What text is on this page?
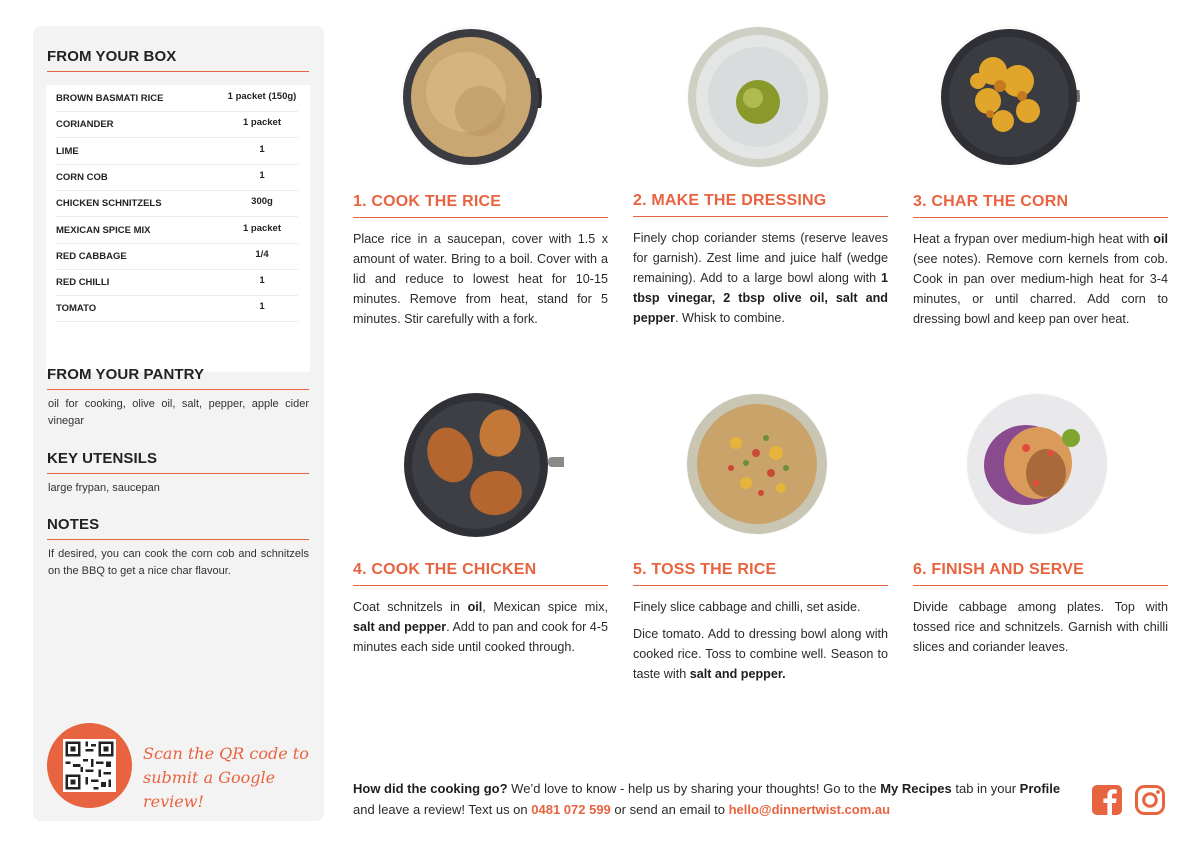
FROM YOUR BOX
BROWN BASMATI RICE	1 packet (150g)
CORIANDER	1 packet
LIME	1
CORN COB	1
CHICKEN SCHNITZELS	300g
MEXICAN SPICE MIX	1 packet
RED CABBAGE	1/4
RED CHILLI	1
TOMATO	1
FROM YOUR PANTRY
oil for cooking, olive oil, salt, pepper, apple cider vinegar
KEY UTENSILS
large frypan, saucepan
NOTES
If desired, you can cook the corn cob and schnitzels on the BBQ to get a nice char flavour.
Scan the QR code to submit a Google review!
1. COOK THE RICE

Place rice in a saucepan, cover with 1.5 x amount of water. Bring to a boil. Cover with a lid and reduce to lowest heat for 10-15 minutes. Remove from heat, stand for 5 minutes. Stir carefully with a fork.

2. MAKE THE DRESSING

Finely chop coriander stems (reserve leaves for garnish). Zest lime and juice half (wedge remaining). Add to a large bowl along with 1 tbsp vinegar, 2 tbsp olive oil, salt and pepper. Whisk to combine.

3. CHAR THE CORN

Heat a frypan over medium-high heat with oil (see notes). Remove corn kernels from cob. Cook in pan over medium-high heat for 3-4 minutes, or until charred. Add corn to dressing bowl and keep pan over heat.

4. COOK THE CHICKEN

Coat schnitzels in oil, Mexican spice mix, salt and pepper. Add to pan and cook for 4-5 minutes each side until cooked through.

5. TOSS THE RICE

Finely slice cabbage and chilli, set aside.

Dice tomato. Add to dressing bowl along with cooked rice. Toss to combine well. Season to taste with salt and pepper.

6. FINISH AND SERVE

Divide cabbage among plates. Top with tossed rice and schnitzels. Garnish with chilli slices and coriander leaves.

How did the cooking go? We’d love to know - help us by sharing your thoughts! Go to the My Recipes tab in your Profile and leave a review! Text us on 0481 072 599 or send an email to hello@dinnertwist.com.au
